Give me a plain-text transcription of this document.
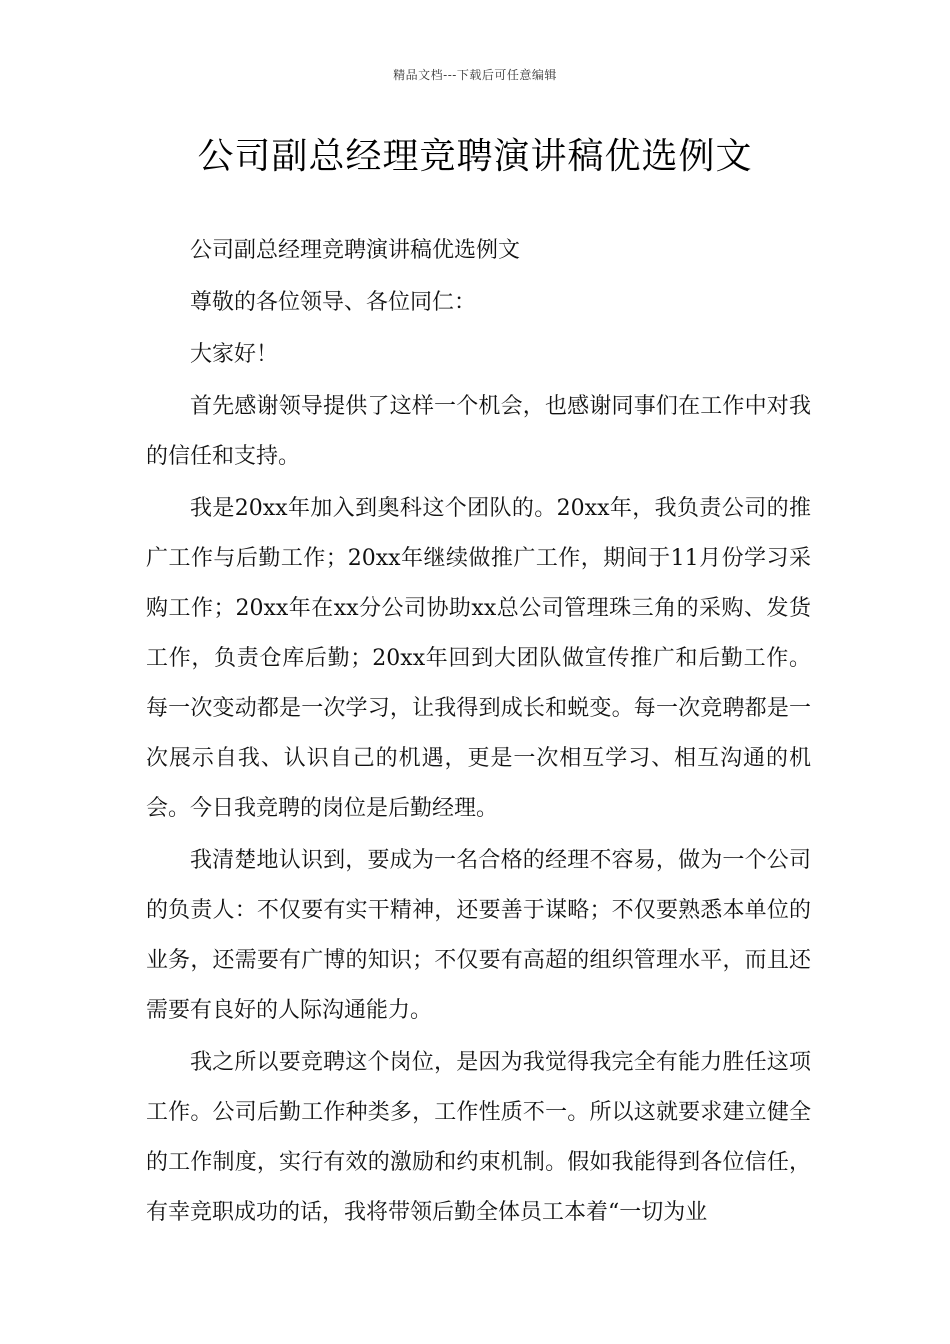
精品文档---下载后可任意编辑
公司副总经理竞聘演讲稿优选例文

公司副总经理竞聘演讲稿优选例文

尊敬的各位领导、各位同仁：

大家好！

首先感谢领导提供了这样一个机会，也感谢同事们在工作中对我的信任和支持。

我是20xx年加入到奥科这个团队的。20xx年，我负责公司的推广工作与后勤工作；20xx年继续做推广工作，期间于11月份学习采购工作；20xx年在xx分公司协助xx总公司管理珠三角的采购、发货工作，负责仓库后勤；20xx年回到大团队做宣传推广和后勤工作。每一次变动都是一次学习，让我得到成长和蜕变。每一次竞聘都是一次展示自我、认识自己的机遇，更是一次相互学习、相互沟通的机会。今日我竞聘的岗位是后勤经理。

我清楚地认识到，要成为一名合格的经理不容易，做为一个公司的负责人：不仅要有实干精神，还要善于谋略；不仅要熟悉本单位的业务，还需要有广博的知识；不仅要有高超的组织管理水平，而且还需要有良好的人际沟通能力。

我之所以要竞聘这个岗位，是因为我觉得我完全有能力胜任这项工作。公司后勤工作种类多，工作性质不一。所以这就要求建立健全的工作制度，实行有效的激励和约束机制。假如我能得到各位信任，有幸竞职成功的话，我将带领后勤全体员工本着“一切为业
